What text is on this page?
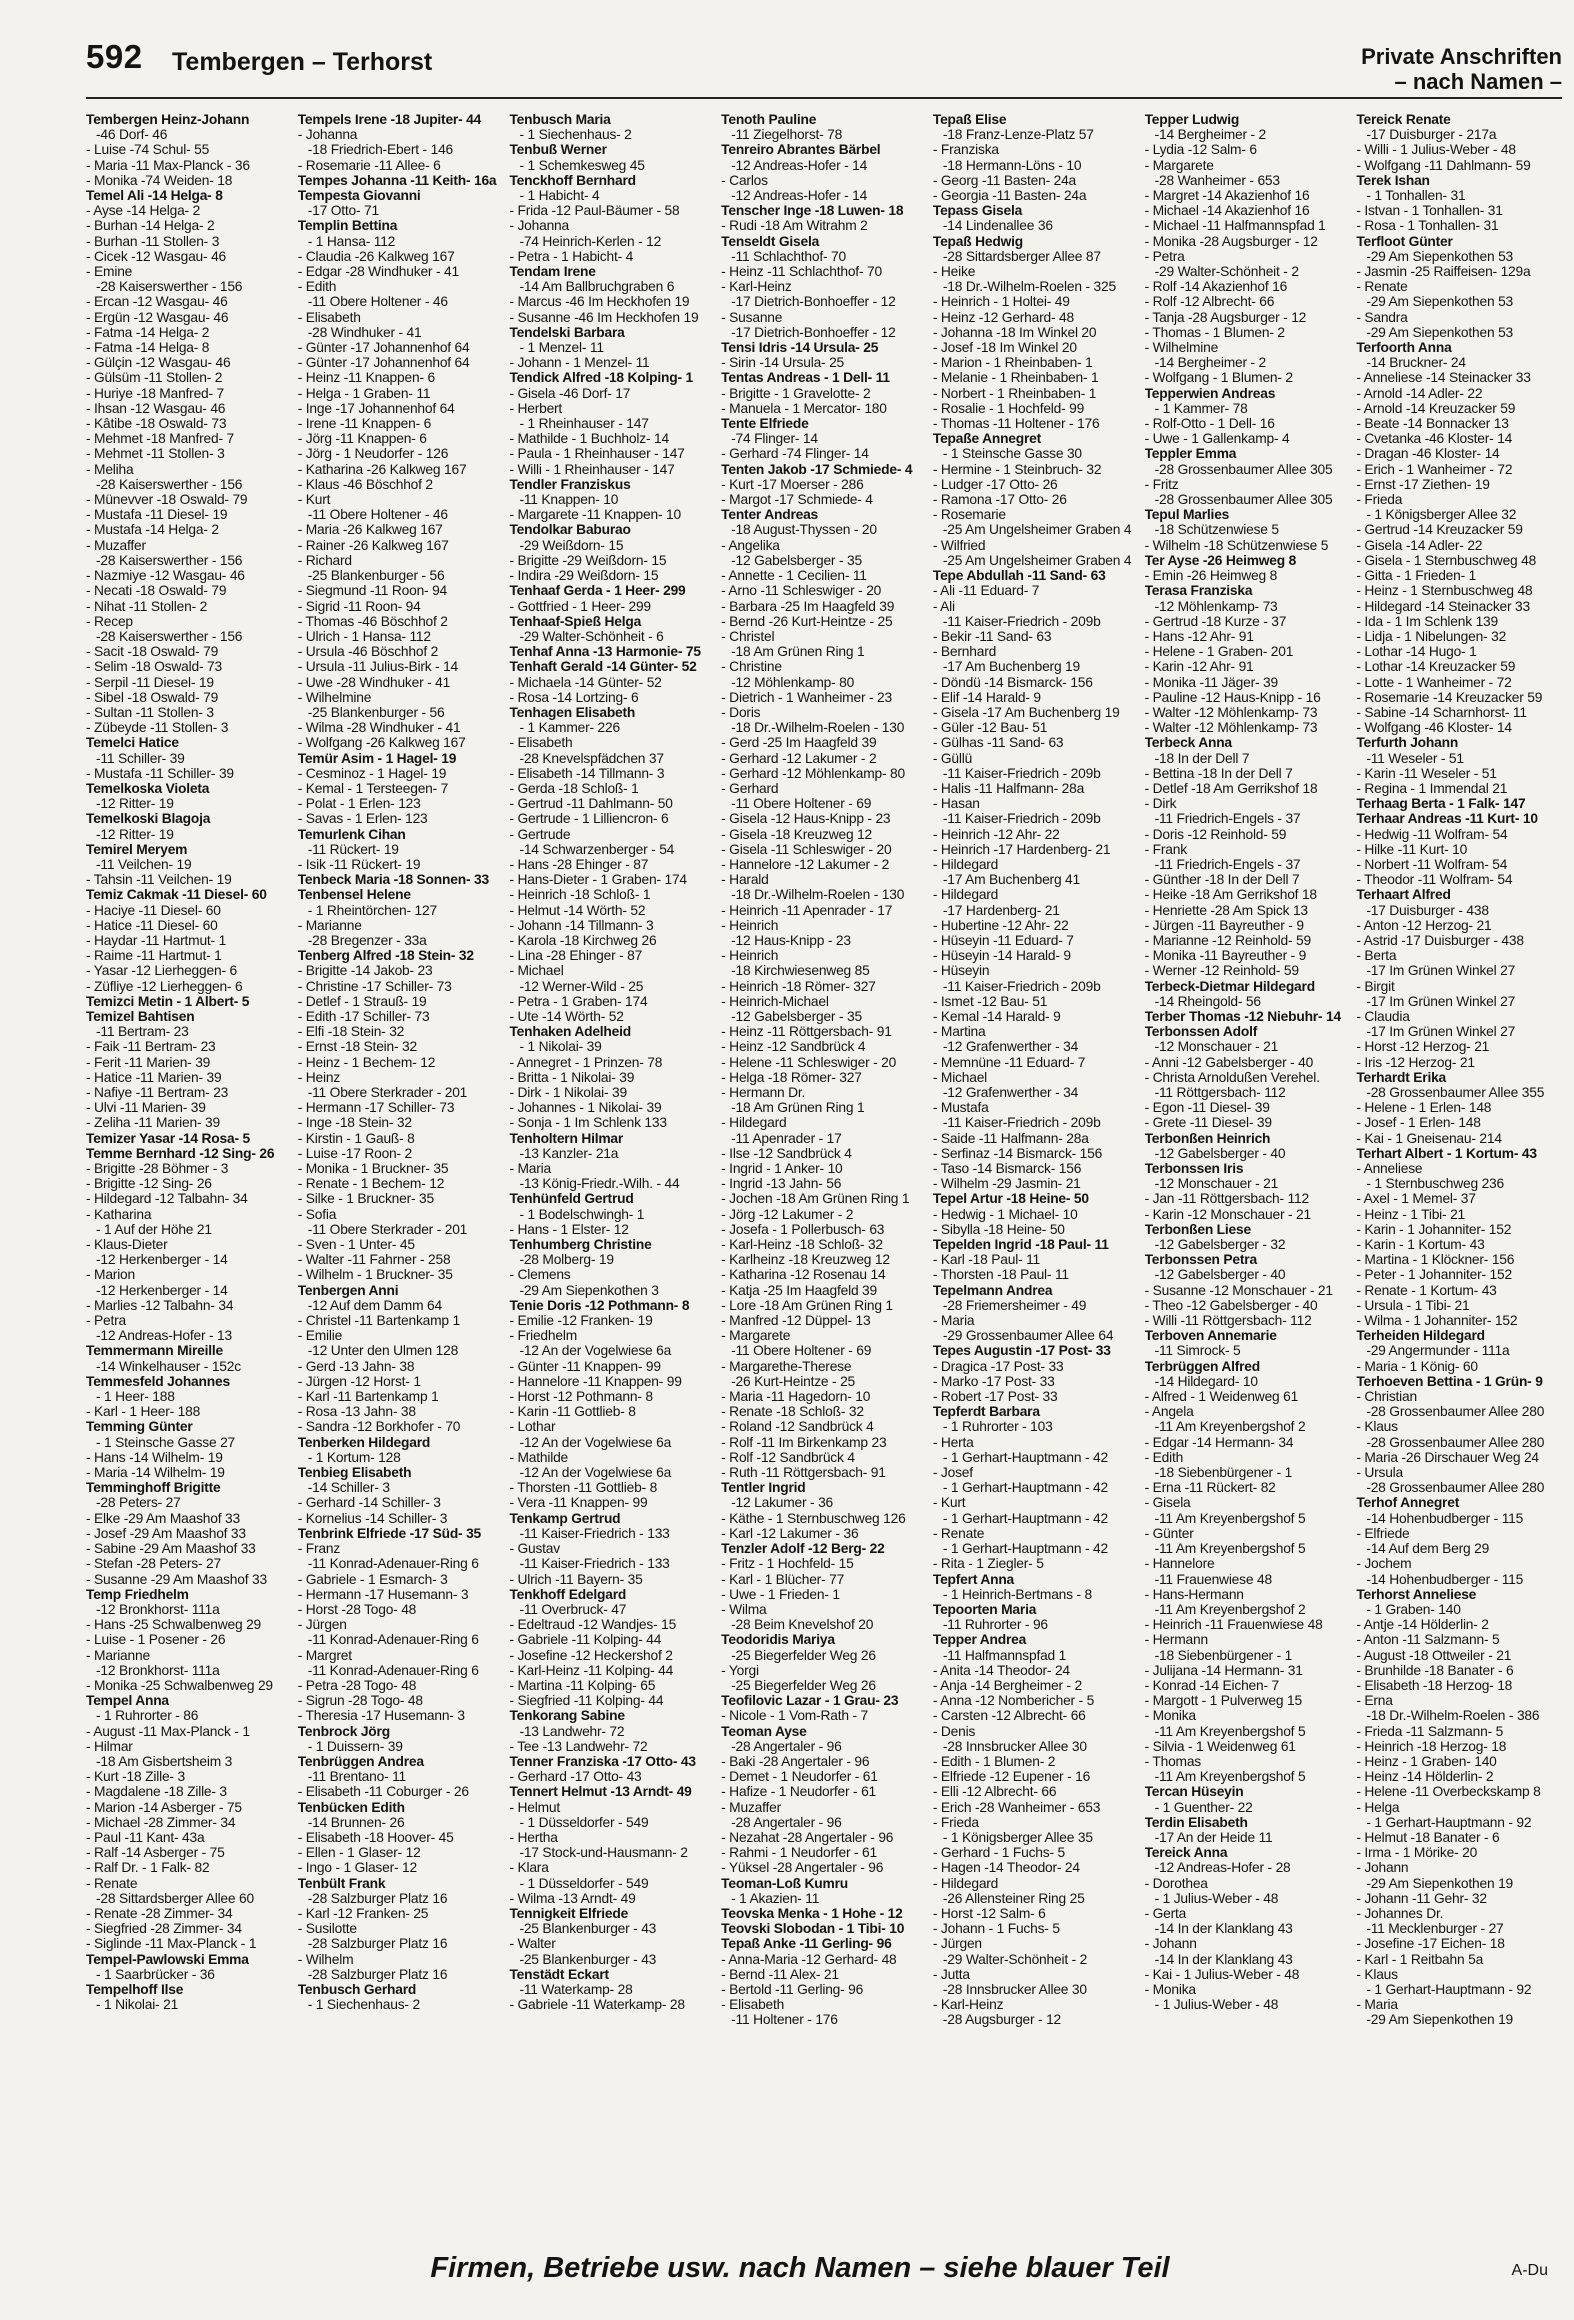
592 Tembergen – Terhorst	Private Anschriften
– nach Namen –
Tembergen Heinz-Johann
-46 Dorf- 46
- Luise -74 Schul- 55
- Maria -11 Max-Planck - 36
- Monika -74 Weiden- 18
Temel Ali -14 Helga- 8
- Ayse -14 Helga- 2
- Burhan -14 Helga- 2
- Burhan -11 Stollen- 3
- Cicek -12 Wasgau- 46
- Emine
-28 Kaiserswerther - 156
- Ercan -12 Wasgau- 46
- Ergün -12 Wasgau- 46
- Fatma -14 Helga- 2
- Fatma -14 Helga- 8
- Gülçin -12 Wasgau- 46
- Gülsüm -11 Stollen- 2
- Huriye -18 Manfred- 7
- Ihsan -12 Wasgau- 46
- Kâtibe -18 Oswald- 73
- Mehmet -18 Manfred- 7
- Mehmet -11 Stollen- 3
- Meliha
-28 Kaiserswerther - 156
- Münevver -18 Oswald- 79
- Mustafa -11 Diesel- 19
- Mustafa -14 Helga- 2
- Muzaffer
-28 Kaiserswerther - 156
- Nazmiye -12 Wasgau- 46
- Necati -18 Oswald- 79
- Nihat -11 Stollen- 2
- Recep
-28 Kaiserswerther - 156
- Sacit -18 Oswald- 79
- Selim -18 Oswald- 73
- Serpil -11 Diesel- 19
- Sibel -18 Oswald- 79
- Sultan -11 Stollen- 3
- Zübeyde -11 Stollen- 3
Temelci Hatice
-11 Schiller- 39
- Mustafa -11 Schiller- 39
Temelkoska Violeta
-12 Ritter- 19
Temelkoski Blagoja
-12 Ritter- 19
Temirel Meryem
-11 Veilchen- 19
- Tahsin -11 Veilchen- 19
Temiz Cakmak -11 Diesel- 60
- Haciye -11 Diesel- 60
- Hatice -11 Diesel- 60
- Haydar -11 Hartmut- 1
- Raime -11 Hartmut- 1
- Yasar -12 Lierheggen- 6
- Züfliye -12 Lierheggen- 6
Temizci Metin - 1 Albert- 5
Temizel Bahtisen
-11 Bertram- 23
- Faik -11 Bertram- 23
- Ferit -11 Marien- 39
- Hatice -11 Marien- 39
- Nafiye -11 Bertram- 23
- Ulvi -11 Marien- 39
- Zeliha -11 Marien- 39
Temizer Yasar -14 Rosa- 5
Temme Bernhard -12 Sing- 26
- Brigitte -28 Böhmer - 3
- Brigitte -12 Sing- 26
- Hildegard -12 Talbahn- 34
- Katharina
- 1 Auf der Höhe 21
- Klaus-Dieter
-12 Herkenberger - 14
- Marion
-12 Herkenberger - 14
- Marlies -12 Talbahn- 34
- Petra
-12 Andreas-Hofer - 13
Temmermann Mireille
-14 Winkelhauser - 152c
Temmesfeld Johannes
- 1 Heer- 188
- Karl - 1 Heer- 188
Temming Günter
- 1 Steinsche Gasse 27
- Hans -14 Wilhelm- 19
- Maria -14 Wilhelm- 19
Temminghoff Brigitte
-28 Peters- 27
- Elke -29 Am Maashof 33
- Josef -29 Am Maashof 33
- Sabine -29 Am Maashof 33
- Stefan -28 Peters- 27
- Susanne -29 Am Maashof 33
Temp Friedhelm
-12 Bronkhorst- 111a
- Hans -25 Schwalbenweg 29
- Luise - 1 Posener - 26
- Marianne
-12 Bronkhorst- 111a
- Monika -25 Schwalbenweg 29
Tempel Anna
- 1 Ruhrorter - 86
- August -11 Max-Planck - 1
- Hilmar
-18 Am Gisbertsheim 3
- Kurt -18 Zille- 3
- Magdalene -18 Zille- 3
- Marion -14 Asberger - 75
- Michael -28 Zimmer- 34
- Paul -11 Kant- 43a
- Ralf -14 Asberger - 75
- Ralf Dr. - 1 Falk- 82
- Renate
-28 Sittardsberger Allee 60
- Renate -28 Zimmer- 34
- Siegfried -28 Zimmer- 34
- Siglinde -11 Max-Planck - 1
Tempel-Pawlowski Emma
- 1 Saarbrücker - 36
Tempelhoff Ilse
- 1 Nikolai- 21
Tempels Irene -18 Jupiter- 44
- Johanna
-18 Friedrich-Ebert - 146
- Rosemarie -11 Allee- 6
Tempes Johanna -11 Keith- 16a
Tempesta Giovanni
-17 Otto- 71
Templin Bettina
- 1 Hansa- 112
- Claudia -26 Kalkweg 167
- Edgar -28 Windhuker - 41
- Edith
-11 Obere Holtener - 46
- Elisabeth
-28 Windhuker - 41
- Günter -17 Johannenhof 64
- Günter -17 Johannenhof 64
- Heinz -11 Knappen- 6
- Helga - 1 Graben- 11
- Inge -17 Johannenhof 64
- Irene -11 Knappen- 6
- Jörg -11 Knappen- 6
- Jörg - 1 Neudorfer - 126
- Katharina -26 Kalkweg 167
- Klaus -46 Böschhof 2
- Kurt
-11 Obere Holtener - 46
- Maria -26 Kalkweg 167
- Rainer -26 Kalkweg 167
- Richard
-25 Blankenburger - 56
- Siegmund -11 Roon- 94
- Sigrid -11 Roon- 94
- Thomas -46 Böschhof 2
- Ulrich - 1 Hansa- 112
- Ursula -46 Böschhof 2
- Ursula -11 Julius-Birk - 14
- Uwe -28 Windhuker - 41
- Wilhelmine
-25 Blankenburger - 56
- Wilma -28 Windhuker - 41
- Wolfgang -26 Kalkweg 167
Temür Asim - 1 Hagel- 19
- Cesminoz - 1 Hagel- 19
- Kemal - 1 Tersteegen- 7
- Polat - 1 Erlen- 123
- Savas - 1 Erlen- 123
Temurlenk Cihan
-11 Rückert- 19
- Isik -11 Rückert- 19
Tenbeck Maria -18 Sonnen- 33
Tenbensel Helene
- 1 Rheintörchen- 127
- Marianne
-28 Bregenzer - 33a
Tenberg Alfred -18 Stein- 32
- Brigitte -14 Jakob- 23
- Christine -17 Schiller- 73
- Detlef - 1 Strauß- 19
- Edith -17 Schiller- 73
- Elfi -18 Stein- 32
- Ernst -18 Stein- 32
- Heinz - 1 Bechem- 12
- Heinz
-11 Obere Sterkrader - 201
- Hermann -17 Schiller- 73
- Inge -18 Stein- 32
- Kirstin - 1 Gauß- 8
- Luise -17 Roon- 2
- Monika - 1 Bruckner- 35
- Renate - 1 Bechem- 12
- Silke - 1 Bruckner- 35
- Sofia
-11 Obere Sterkrader - 201
- Sven - 1 Unter- 45
- Walter -11 Fahrner - 258
- Wilhelm - 1 Bruckner- 35
Tenbergen Anni
-12 Auf dem Damm 64
- Christel -11 Bartenkamp 1
- Emilie
-12 Unter den Ulmen 128
- Gerd -13 Jahn- 38
- Jürgen -12 Horst- 1
- Karl -11 Bartenkamp 1
- Rosa -13 Jahn- 38
- Sandra -12 Borkhofer - 70
Tenberken Hildegard
- 1 Kortum- 128
Tenbieg Elisabeth
-14 Schiller- 3
- Gerhard -14 Schiller- 3
- Kornelius -14 Schiller- 3
Tenbrink Elfriede -17 Süd- 35
- Franz
-11 Konrad-Adenauer-Ring 6
- Gabriele - 1 Esmarch- 3
- Hermann -17 Husemann- 3
- Horst -28 Togo- 48
- Jürgen
-11 Konrad-Adenauer-Ring 6
- Margret
-11 Konrad-Adenauer-Ring 6
- Petra -28 Togo- 48
- Sigrun -28 Togo- 48
- Theresia -17 Husemann- 3
Tenbrock Jörg
- 1 Duissern- 39
Tenbrüggen Andrea
-11 Brentano- 11
- Elisabeth -11 Coburger - 26
Tenbücken Edith
-14 Brunnen- 26
- Elisabeth -18 Hoover- 45
- Ellen - 1 Glaser- 12
- Ingo - 1 Glaser- 12
Tenbült Frank
-28 Salzburger Platz 16
- Karl -12 Franken- 25
- Susilotte
-28 Salzburger Platz 16
- Wilhelm
-28 Salzburger Platz 16
Tenbusch Gerhard
- 1 Siechenhaus- 2
Tenbusch Maria
- 1 Siechenhaus- 2
Tenbuß Werner
- 1 Schemkesweg 45
Tenckhoff Bernhard
- 1 Habicht- 4
- Frida -12 Paul-Bäumer - 58
- Johanna
-74 Heinrich-Kerlen - 12
- Petra - 1 Habicht- 4
Tendam Irene
-14 Am Ballbruchgraben 6
- Marcus -46 Im Heckhofen 19
- Susanne -46 Im Heckhofen 19
Tendelski Barbara
- 1 Menzel- 11
- Johann - 1 Menzel- 11
Tendick Alfred -18 Kolping- 1
- Gisela -46 Dorf- 17
- Herbert
- 1 Rheinhauser - 147
- Mathilde - 1 Buchholz- 14
- Paula - 1 Rheinhauser - 147
- Willi - 1 Rheinhauser - 147
Tendler Franziskus
-11 Knappen- 10
- Margarete -11 Knappen- 10
Tendolkar Baburao
-29 Weißdorn- 15
- Brigitte -29 Weißdorn- 15
- Indira -29 Weißdorn- 15
Tenhaaf Gerda - 1 Heer- 299
- Gottfried - 1 Heer- 299
Tenhaaf-Spieß Helga
-29 Walter-Schönheit - 6
Tenhaf Anna -13 Harmonie- 75
Tenhaft Gerald -14 Günter- 52
- Michaela -14 Günter- 52
- Rosa -14 Lortzing- 6
Tenhagen Elisabeth
- 1 Kammer- 226
- Elisabeth
-28 Knevelspfädchen 37
- Elisabeth -14 Tillmann- 3
- Gerda -18 Schloß- 1
- Gertrud -11 Dahlmann- 50
- Gertrude - 1 Lilliencron- 6
- Gertrude
-14 Schwarzenberger - 54
- Hans -28 Ehinger - 87
- Hans-Dieter - 1 Graben- 174
- Heinrich -18 Schloß- 1
- Helmut -14 Wörth- 52
- Johann -14 Tillmann- 3
- Karola -18 Kirchweg 26
- Lina -28 Ehinger - 87
- Michael
-12 Werner-Wild - 25
- Petra - 1 Graben- 174
- Ute -14 Wörth- 52
Tenhaken Adelheid
- 1 Nikolai- 39
- Annegret - 1 Prinzen- 78
- Britta - 1 Nikolai- 39
- Dirk - 1 Nikolai- 39
- Johannes - 1 Nikolai- 39
- Sonja - 1 Im Schlenk 133
Tenholtern Hilmar
-13 Kanzler- 21a
- Maria
-13 König-Friedr.-Wilh. - 44
Tenhünfeld Gertrud
- 1 Bodelschwingh- 1
- Hans - 1 Elster- 12
Tenhumberg Christine
-28 Molberg- 19
- Clemens
-29 Am Siepenkothen 3
Tenie Doris -12 Pothmann- 8
- Emilie -12 Franken- 19
- Friedhelm
-12 An der Vogelwiese 6a
- Günter -11 Knappen- 99
- Hannelore -11 Knappen- 99
- Horst -12 Pothmann- 8
- Karin -11 Gottlieb- 8
- Lothar
-12 An der Vogelwiese 6a
- Mathilde
-12 An der Vogelwiese 6a
- Thorsten -11 Gottlieb- 8
- Vera -11 Knappen- 99
Tenkamp Gertrud
-11 Kaiser-Friedrich - 133
- Gustav
-11 Kaiser-Friedrich - 133
- Ulrich -11 Bayern- 35
Tenkhoff Edelgard
-11 Overbruck- 47
- Edeltraud -12 Wandjes- 15
- Gabriele -11 Kolping- 44
- Josefine -12 Heckershof 2
- Karl-Heinz -11 Kolping- 44
- Martina -11 Kolping- 65
- Siegfried -11 Kolping- 44
Tenkorang Sabine
-13 Landwehr- 72
- Tee -13 Landwehr- 72
Tenner Franziska -17 Otto- 43
- Gerhard -17 Otto- 43
Tennert Helmut -13 Arndt- 49
- Helmut
- 1 Düsseldorfer - 549
- Hertha
-17 Stock-und-Hausmann- 2
- Klara
- 1 Düsseldorfer - 549
- Wilma -13 Arndt- 49
Tennigkeit Elfriede
-25 Blankenburger - 43
- Walter
-25 Blankenburger - 43
Tenstädt Eckart
-11 Waterkamp- 28
- Gabriele -11 Waterkamp- 28
Tenoth Pauline
-11 Ziegelhorst- 78
Tenreiro Abrantes Bärbel
-12 Andreas-Hofer - 14
- Carlos
-12 Andreas-Hofer - 14
Tenscher Inge -18 Luwen- 18
- Rudi -18 Am Witrahm 2
Tenseldt Gisela
-11 Schlachthof- 70
- Heinz -11 Schlachthof- 70
- Karl-Heinz
-17 Dietrich-Bonhoeffer - 12
- Susanne
-17 Dietrich-Bonhoeffer - 12
Tensi Idris -14 Ursula- 25
- Sirin -14 Ursula- 25
Tentas Andreas - 1 Dell- 11
- Brigitte - 1 Gravelotte- 2
- Manuela - 1 Mercator- 180
Tente Elfriede
-74 Flinger- 14
- Gerhard -74 Flinger- 14
Tenten Jakob -17 Schmiede- 4
- Kurt -17 Moerser - 286
- Margot -17 Schmiede- 4
Tenter Andreas
-18 August-Thyssen - 20
- Angelika
-12 Gabelsberger - 35
- Annette - 1 Cecilien- 11
- Arno -11 Schleswiger - 20
- Barbara -25 Im Haagfeld 39
- Bernd -26 Kurt-Heintze - 25
- Christel
-18 Am Grünen Ring 1
- Christine
-12 Möhlenkamp- 80
- Dietrich - 1 Wanheimer - 23
- Doris
-18 Dr.-Wilhelm-Roelen - 130
- Gerd -25 Im Haagfeld 39
- Gerhard -12 Lakumer - 2
- Gerhard -12 Möhlenkamp- 80
- Gerhard
-11 Obere Holtener - 69
- Gisela -12 Haus-Knipp - 23
- Gisela -18 Kreuzweg 12
- Gisela -11 Schleswiger - 20
- Hannelore -12 Lakumer - 2
- Harald
-18 Dr.-Wilhelm-Roelen - 130
- Heinrich -11 Apenrader - 17
- Heinrich
-12 Haus-Knipp - 23
- Heinrich
-18 Kirchwiesenweg 85
- Heinrich -18 Römer- 327
- Heinrich-Michael
-12 Gabelsberger - 35
- Heinz -11 Röttgersbach- 91
- Heinz -12 Sandbrück 4
- Helene -11 Schleswiger - 20
- Helga -18 Römer- 327
- Hermann Dr.
-18 Am Grünen Ring 1
- Hildegard
-11 Apenrader - 17
- Ilse -12 Sandbrück 4
- Ingrid - 1 Anker- 10
- Ingrid -13 Jahn- 56
- Jochen -18 Am Grünen Ring 1
- Jörg -12 Lakumer - 2
- Josefa - 1 Pollerbusch- 63
- Karl-Heinz -18 Schloß- 32
- Karlheinz -18 Kreuzweg 12
- Katharina -12 Rosenau 14
- Katja -25 Im Haagfeld 39
- Lore -18 Am Grünen Ring 1
- Manfred -12 Düppel- 13
- Margarete
-11 Obere Holtener - 69
- Margarethe-Therese
-26 Kurt-Heintze - 25
- Maria -11 Hagedorn- 10
- Renate -18 Schloß- 32
- Roland -12 Sandbrück 4
- Rolf -11 Im Birkenkamp 23
- Rolf -12 Sandbrück 4
- Ruth -11 Röttgersbach- 91
Tentler Ingrid
-12 Lakumer - 36
- Käthe - 1 Sternbuschweg 126
- Karl -12 Lakumer - 36
Tenzler Adolf -12 Berg- 22
- Fritz - 1 Hochfeld- 15
- Karl - 1 Blücher- 77
- Uwe - 1 Frieden- 1
- Wilma
-28 Beim Knevelshof 20
Teodoridis Mariya
-25 Biegerfelder Weg 26
- Yorgi
-25 Biegerfelder Weg 26
Teofilovic Lazar - 1 Grau- 23
- Nicole - 1 Vom-Rath - 7
Teoman Ayse
-28 Angertaler - 96
- Baki -28 Angertaler - 96
- Demet - 1 Neudorfer - 61
- Hafize - 1 Neudorfer - 61
- Muzaffer
-28 Angertaler - 96
- Nezahat -28 Angertaler - 96
- Rahmi - 1 Neudorfer - 61
- Yüksel -28 Angertaler - 96
Teoman-Loß Kumru
- 1 Akazien- 11
Teovska Menka - 1 Hohe - 12
Teovski Slobodan - 1 Tibi- 10
Tepaß Anke -11 Gerling- 96
- Anna-Maria -12 Gerhard- 48
- Bernd -11 Alex- 21
- Bertold -11 Gerling- 96
- Elisabeth
-11 Holtener - 176
Tepaß Elise
-18 Franz-Lenze-Platz 57
- Franziska
-18 Hermann-Löns - 10
- Georg -11 Basten- 24a
- Georgia -11 Basten- 24a
Tepass Gisela
-14 Lindenallee 36
Tepaß Hedwig
-28 Sittardsberger Allee 87
- Heike
-18 Dr.-Wilhelm-Roelen - 325
- Heinrich - 1 Holtei- 49
- Heinz -12 Gerhard- 48
- Johanna -18 Im Winkel 20
- Josef -18 Im Winkel 20
- Marion - 1 Rheinbaben- 1
- Melanie - 1 Rheinbaben- 1
- Norbert - 1 Rheinbaben- 1
- Rosalie - 1 Hochfeld- 99
- Thomas -11 Holtener - 176
Tepaße Annegret
- 1 Steinsche Gasse 30
- Hermine - 1 Steinbruch- 32
- Ludger -17 Otto- 26
- Ramona -17 Otto- 26
- Rosemarie
-25 Am Ungelsheimer Graben 4
- Wilfried
-25 Am Ungelsheimer Graben 4
Tepe Abdullah -11 Sand- 63
- Ali -11 Eduard- 7
- Ali
-11 Kaiser-Friedrich - 209b
- Bekir -11 Sand- 63
- Bernhard
-17 Am Buchenberg 19
- Döndü -14 Bismarck- 156
- Elif -14 Harald- 9
- Gisela -17 Am Buchenberg 19
- Güler -12 Bau- 51
- Gülhas -11 Sand- 63
- Güllü
-11 Kaiser-Friedrich - 209b
- Halis -11 Halfmann- 28a
- Hasan
-11 Kaiser-Friedrich - 209b
- Heinrich -12 Ahr- 22
- Heinrich -17 Hardenberg- 21
- Hildegard
-17 Am Buchenberg 41
- Hildegard
-17 Hardenberg- 21
- Hubertine -12 Ahr- 22
- Hüseyin -11 Eduard- 7
- Hüseyin -14 Harald- 9
- Hüseyin
-11 Kaiser-Friedrich - 209b
- Ismet -12 Bau- 51
- Kemal -14 Harald- 9
- Martina
-12 Grafenwerther - 34
- Memnüne -11 Eduard- 7
- Michael
-12 Grafenwerther - 34
- Mustafa
-11 Kaiser-Friedrich - 209b
- Saide -11 Halfmann- 28a
- Serfinaz -14 Bismarck- 156
- Taso -14 Bismarck- 156
- Wilhelm -29 Jasmin- 21
Tepel Artur -18 Heine- 50
- Hedwig - 1 Michael- 10
- Sibylla -18 Heine- 50
Tepelden Ingrid -18 Paul- 11
- Karl -18 Paul- 11
- Thorsten -18 Paul- 11
Tepelmann Andrea
-28 Friemersheimer - 49
- Maria
-29 Grossenbaumer Allee 64
Tepes Augustin -17 Post- 33
- Dragica -17 Post- 33
- Marko -17 Post- 33
- Robert -17 Post- 33
Tepferdt Barbara
- 1 Ruhrorter - 103
- Herta
- 1 Gerhart-Hauptmann - 42
- Josef
- 1 Gerhart-Hauptmann - 42
- Kurt
- 1 Gerhart-Hauptmann - 42
- Renate
- 1 Gerhart-Hauptmann - 42
- Rita - 1 Ziegler- 5
Tepfert Anna
- 1 Heinrich-Bertmans - 8
Tepoorten Maria
-11 Ruhrorter - 96
Tepper Andrea
-11 Halfmannspfad 1
- Anita -14 Theodor- 24
- Anja -14 Bergheimer - 2
- Anna -12 Nombericher - 5
- Carsten -12 Albrecht- 66
- Denis
-28 Innsbrucker Allee 30
- Edith - 1 Blumen- 2
- Elfriede -12 Eupener - 16
- Elli -12 Albrecht- 66
- Erich -28 Wanheimer - 653
- Frieda
- 1 Königsberger Allee 35
- Gerhard - 1 Fuchs- 5
- Hagen -14 Theodor- 24
- Hildegard
-26 Allensteiner Ring 25
- Horst -12 Salm- 6
- Johann - 1 Fuchs- 5
- Jürgen
-29 Walter-Schönheit - 2
- Jutta
-28 Innsbrucker Allee 30
- Karl-Heinz
-28 Augsburger - 12
Tepper Ludwig
-14 Bergheimer - 2
- Lydia -12 Salm- 6
- Margarete
-28 Wanheimer - 653
- Margret -14 Akazienhof 16
- Michael -14 Akazienhof 16
- Michael -11 Halfmannspfad 1
- Monika -28 Augsburger - 12
- Petra
-29 Walter-Schönheit - 2
- Rolf -14 Akazienhof 16
- Rolf -12 Albrecht- 66
- Tanja -28 Augsburger - 12
- Thomas - 1 Blumen- 2
- Wilhelmine
-14 Bergheimer - 2
- Wolfgang - 1 Blumen- 2
Tepperwien Andreas
- 1 Kammer- 78
- Rolf-Otto - 1 Dell- 16
- Uwe - 1 Gallenkamp- 4
Teppler Emma
-28 Grossenbaumer Allee 305
- Fritz
-28 Grossenbaumer Allee 305
Tepul Marlies
-18 Schützenwiese 5
- Wilhelm -18 Schützenwiese 5
Ter Ayse -26 Heimweg 8
- Emin -26 Heimweg 8
Terasa Franziska
-12 Möhlenkamp- 73
- Gertrud -18 Kurze - 37
- Hans -12 Ahr- 91
- Helene - 1 Graben- 201
- Karin -12 Ahr- 91
- Monika -11 Jäger- 39
- Pauline -12 Haus-Knipp - 16
- Walter -12 Möhlenkamp- 73
- Walter -12 Möhlenkamp- 73
Terbeck Anna
-18 In der Dell 7
- Bettina -18 In der Dell 7
- Detlef -18 Am Gerrikshof 18
- Dirk
-11 Friedrich-Engels - 37
- Doris -12 Reinhold- 59
- Frank
-11 Friedrich-Engels - 37
- Günther -18 In der Dell 7
- Heike -18 Am Gerrikshof 18
- Henriette -28 Am Spick 13
- Jürgen -11 Bayreuther - 9
- Marianne -12 Reinhold- 59
- Monika -11 Bayreuther - 9
- Werner -12 Reinhold- 59
Terbeck-Dietmar Hildegard
-14 Rheingold- 56
Terber Thomas -12 Niebuhr- 14
Terbonssen Adolf
-12 Monschauer - 21
- Anni -12 Gabelsberger - 40
- Christa Arnoldußen Verehel.
-11 Röttgersbach- 112
- Egon -11 Diesel- 39
- Grete -11 Diesel- 39
Terbonßen Heinrich
-12 Gabelsberger - 40
Terbonssen Iris
-12 Monschauer - 21
- Jan -11 Röttgersbach- 112
- Karin -12 Monschauer - 21
Terbonßen Liese
-12 Gabelsberger - 32
Terbonssen Petra
-12 Gabelsberger - 40
- Susanne -12 Monschauer - 21
- Theo -12 Gabelsberger - 40
- Willi -11 Röttgersbach- 112
Terboven Annemarie
-11 Simrock- 5
Terbrüggen Alfred
-14 Hildegard- 10
- Alfred - 1 Weidenweg 61
- Angela
-11 Am Kreyenbergshof 2
- Edgar -14 Hermann- 34
- Edith
-18 Siebenbürgener - 1
- Erna -11 Rückert- 82
- Gisela
-11 Am Kreyenbergshof 5
- Günter
-11 Am Kreyenbergshof 5
- Hannelore
-11 Frauenwiese 48
- Hans-Hermann
-11 Am Kreyenbergshof 2
- Heinrich -11 Frauenwiese 48
- Hermann
-18 Siebenbürgener - 1
- Julijana -14 Hermann- 31
- Konrad -14 Eichen- 7
- Margott - 1 Pulverweg 15
- Monika
-11 Am Kreyenbergshof 5
- Silvia - 1 Weidenweg 61
- Thomas
-11 Am Kreyenbergshof 5
Tercan Hüseyin
- 1 Guenther- 22
Terdin Elisabeth
-17 An der Heide 11
Tereick Anna
-12 Andreas-Hofer - 28
- Dorothea
- 1 Julius-Weber - 48
- Gerta
-14 In der Klanklang 43
- Johann
-14 In der Klanklang 43
- Kai - 1 Julius-Weber - 48
- Monika
- 1 Julius-Weber - 48
Tereick Renate
-17 Duisburger - 217a
- Willi - 1 Julius-Weber - 48
- Wolfgang -11 Dahlmann- 59
Terek Ishan
- 1 Tonhallen- 31
- Istvan - 1 Tonhallen- 31
- Rosa - 1 Tonhallen- 31
Terfloot Günter
-29 Am Siepenkothen 53
- Jasmin -25 Raiffeisen- 129a
- Renate
-29 Am Siepenkothen 53
- Sandra
-29 Am Siepenkothen 53
Terfoorth Anna
-14 Bruckner- 24
- Anneliese -14 Steinacker 33
- Arnold -14 Adler- 22
- Arnold -14 Kreuzacker 59
- Beate -14 Bonnacker 13
- Cvetanka -46 Kloster- 14
- Dragan -46 Kloster- 14
- Erich - 1 Wanheimer - 72
- Ernst -17 Ziethen- 19
- Frieda
- 1 Königsberger Allee 32
- Gertrud -14 Kreuzacker 59
- Gisela -14 Adler- 22
- Gisela - 1 Sternbuschweg 48
- Gitta - 1 Frieden- 1
- Heinz - 1 Sternbuschweg 48
- Hildegard -14 Steinacker 33
- Ida - 1 Im Schlenk 139
- Lidja - 1 Nibelungen- 32
- Lothar -14 Hugo- 1
- Lothar -14 Kreuzacker 59
- Lotte - 1 Wanheimer - 72
- Rosemarie -14 Kreuzacker 59
- Sabine -14 Scharnhorst- 11
- Wolfgang -46 Kloster- 14
Terfurth Johann
-11 Weseler - 51
- Karin -11 Weseler - 51
- Regina - 1 Immendal 21
Terhaag Berta - 1 Falk- 147
Terhaar Andreas -11 Kurt- 10
- Hedwig -11 Wolfram- 54
- Hilke -11 Kurt- 10
- Norbert -11 Wolfram- 54
- Theodor -11 Wolfram- 54
Terhaart Alfred
-17 Duisburger - 438
- Anton -12 Herzog- 21
- Astrid -17 Duisburger - 438
- Berta
-17 Im Grünen Winkel 27
- Birgit
-17 Im Grünen Winkel 27
- Claudia
-17 Im Grünen Winkel 27
- Horst -12 Herzog- 21
- Iris -12 Herzog- 21
Terhardt Erika
-28 Grossenbaumer Allee 355
- Helene - 1 Erlen- 148
- Josef - 1 Erlen- 148
- Kai - 1 Gneisenau- 214
Terhart Albert - 1 Kortum- 43
- Anneliese
- 1 Sternbuschweg 236
- Axel - 1 Memel- 37
- Heinz - 1 Tibi- 21
- Karin - 1 Johanniter- 152
- Karin - 1 Kortum- 43
- Martina - 1 Klöckner- 156
- Peter - 1 Johanniter- 152
- Renate - 1 Kortum- 43
- Ursula - 1 Tibi- 21
- Wilma - 1 Johanniter- 152
Terheiden Hildegard
-29 Angermunder - 111a
- Maria - 1 König- 60
Terhoeven Bettina - 1 Grün- 9
- Christian
-28 Grossenbaumer Allee 280
- Klaus
-28 Grossenbaumer Allee 280
- Maria -26 Dirschauer Weg 24
- Ursula
-28 Grossenbaumer Allee 280
Terhof Annegret
-14 Hohenbudberger - 115
- Elfriede
-14 Auf dem Berg 29
- Jochem
-14 Hohenbudberger - 115
Terhorst Anneliese
- 1 Graben- 140
- Antje -14 Hölderlin- 2
- Anton -11 Salzmann- 5
- August -18 Ottweiler - 21
- Brunhilde -18 Banater - 6
- Elisabeth -18 Herzog- 18
- Erna
-18 Dr.-Wilhelm-Roelen - 386
- Frieda -11 Salzmann- 5
- Heinrich -18 Herzog- 18
- Heinz - 1 Graben- 140
- Heinz -14 Hölderlin- 2
- Helene -11 Overbeckskamp 8
- Helga
- 1 Gerhart-Hauptmann - 92
- Helmut -18 Banater - 6
- Irma - 1 Mörike- 20
- Johann
-29 Am Siepenkothen 19
- Johann -11 Gehr- 32
- Johannes Dr.
-11 Mecklenburger - 27
- Josefine -17 Eichen- 18
- Karl - 1 Reitbahn 5a
- Klaus
- 1 Gerhart-Hauptmann - 92
- Maria
-29 Am Siepenkothen 19
Firmen, Betriebe usw. nach Namen – siehe blauer Teil	A-Du
